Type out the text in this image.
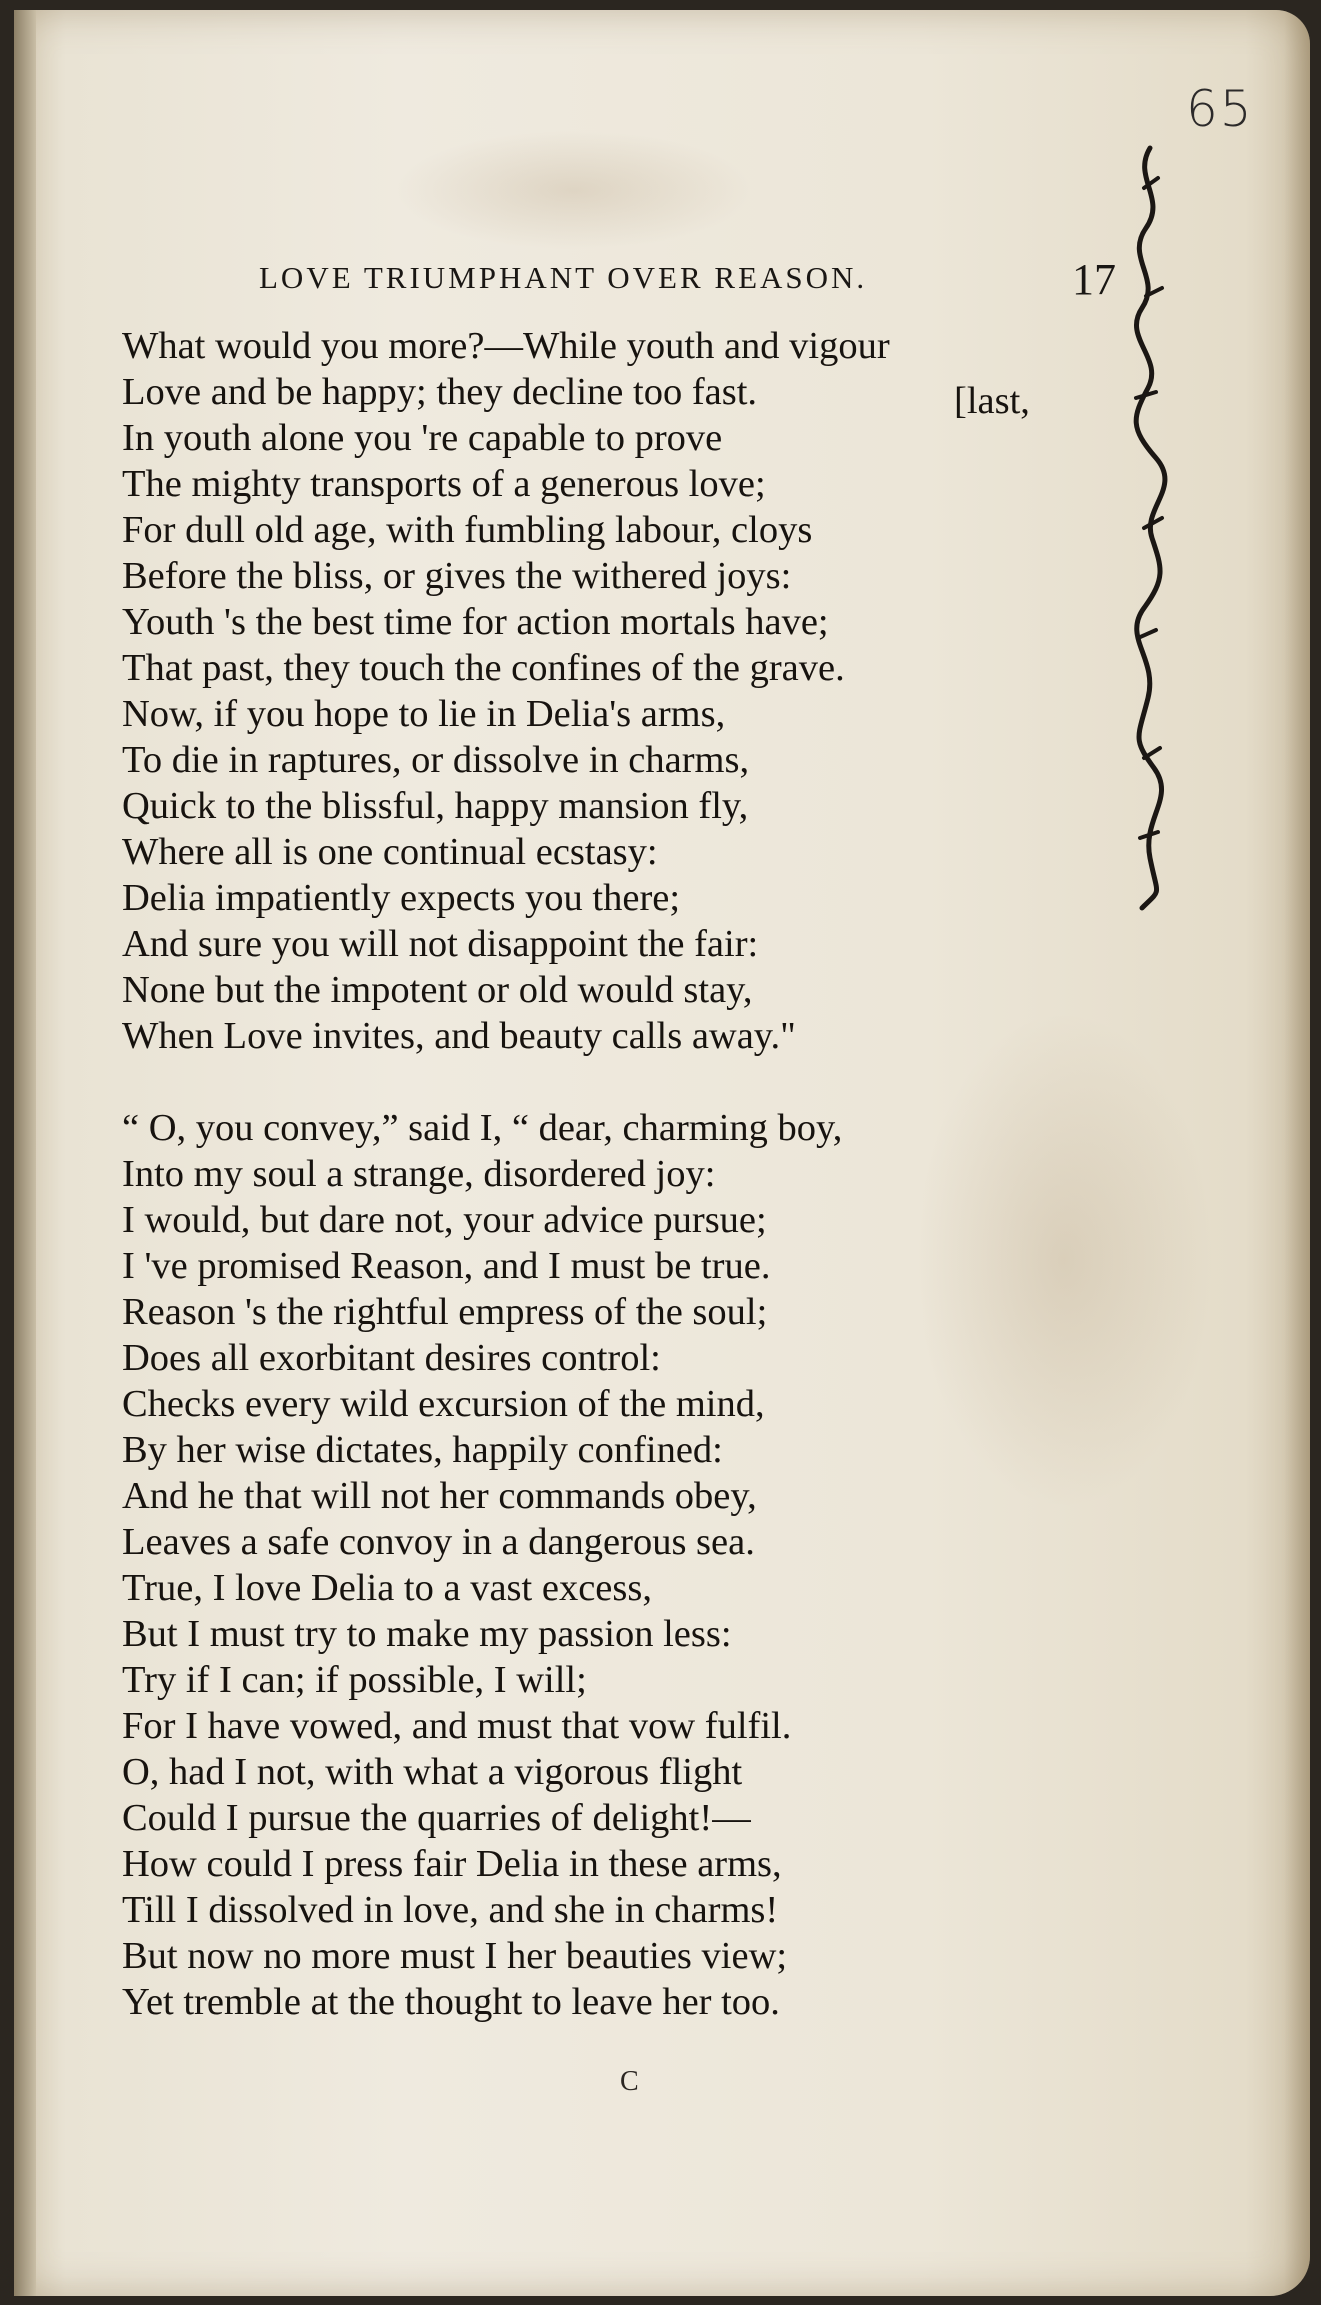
65
LOVE TRIUMPHANT OVER REASON.	17
What would you more?—While youth and vigour
Love and be happy; they decline too fast.
In youth alone you 're capable to prove
The mighty transports of a generous love;
For dull old age, with fumbling labour, cloys
Before the bliss, or gives the withered joys:
Youth 's the best time for action mortals have;
That past, they touch the confines of the grave.
Now, if you hope to lie in Delia's arms,
To die in raptures, or dissolve in charms,
Quick to the blissful, happy mansion fly,
Where all is one continual ecstasy:
Delia impatiently expects you there;
And sure you will not disappoint the fair:
None but the impotent or old would stay,
When Love invites, and beauty calls away."
“ O, you convey,” said I, “ dear, charming boy,
Into my soul a strange, disordered joy:
I would, but dare not, your advice pursue;
I 've promised Reason, and I must be true.
Reason 's the rightful empress of the soul;
Does all exorbitant desires control:
Checks every wild excursion of the mind,
By her wise dictates, happily confined:
And he that will not her commands obey,
Leaves a safe convoy in a dangerous sea.
True, I love Delia to a vast excess,
But I must try to make my passion less:
Try if I can; if possible, I will;
For I have vowed, and must that vow fulfil.
O, had I not, with what a vigorous flight
Could I pursue the quarries of delight!—
How could I press fair Delia in these arms,
Till I dissolved in love, and she in charms!
But now no more must I her beauties view;
Yet tremble at the thought to leave her too.
[last,
C
